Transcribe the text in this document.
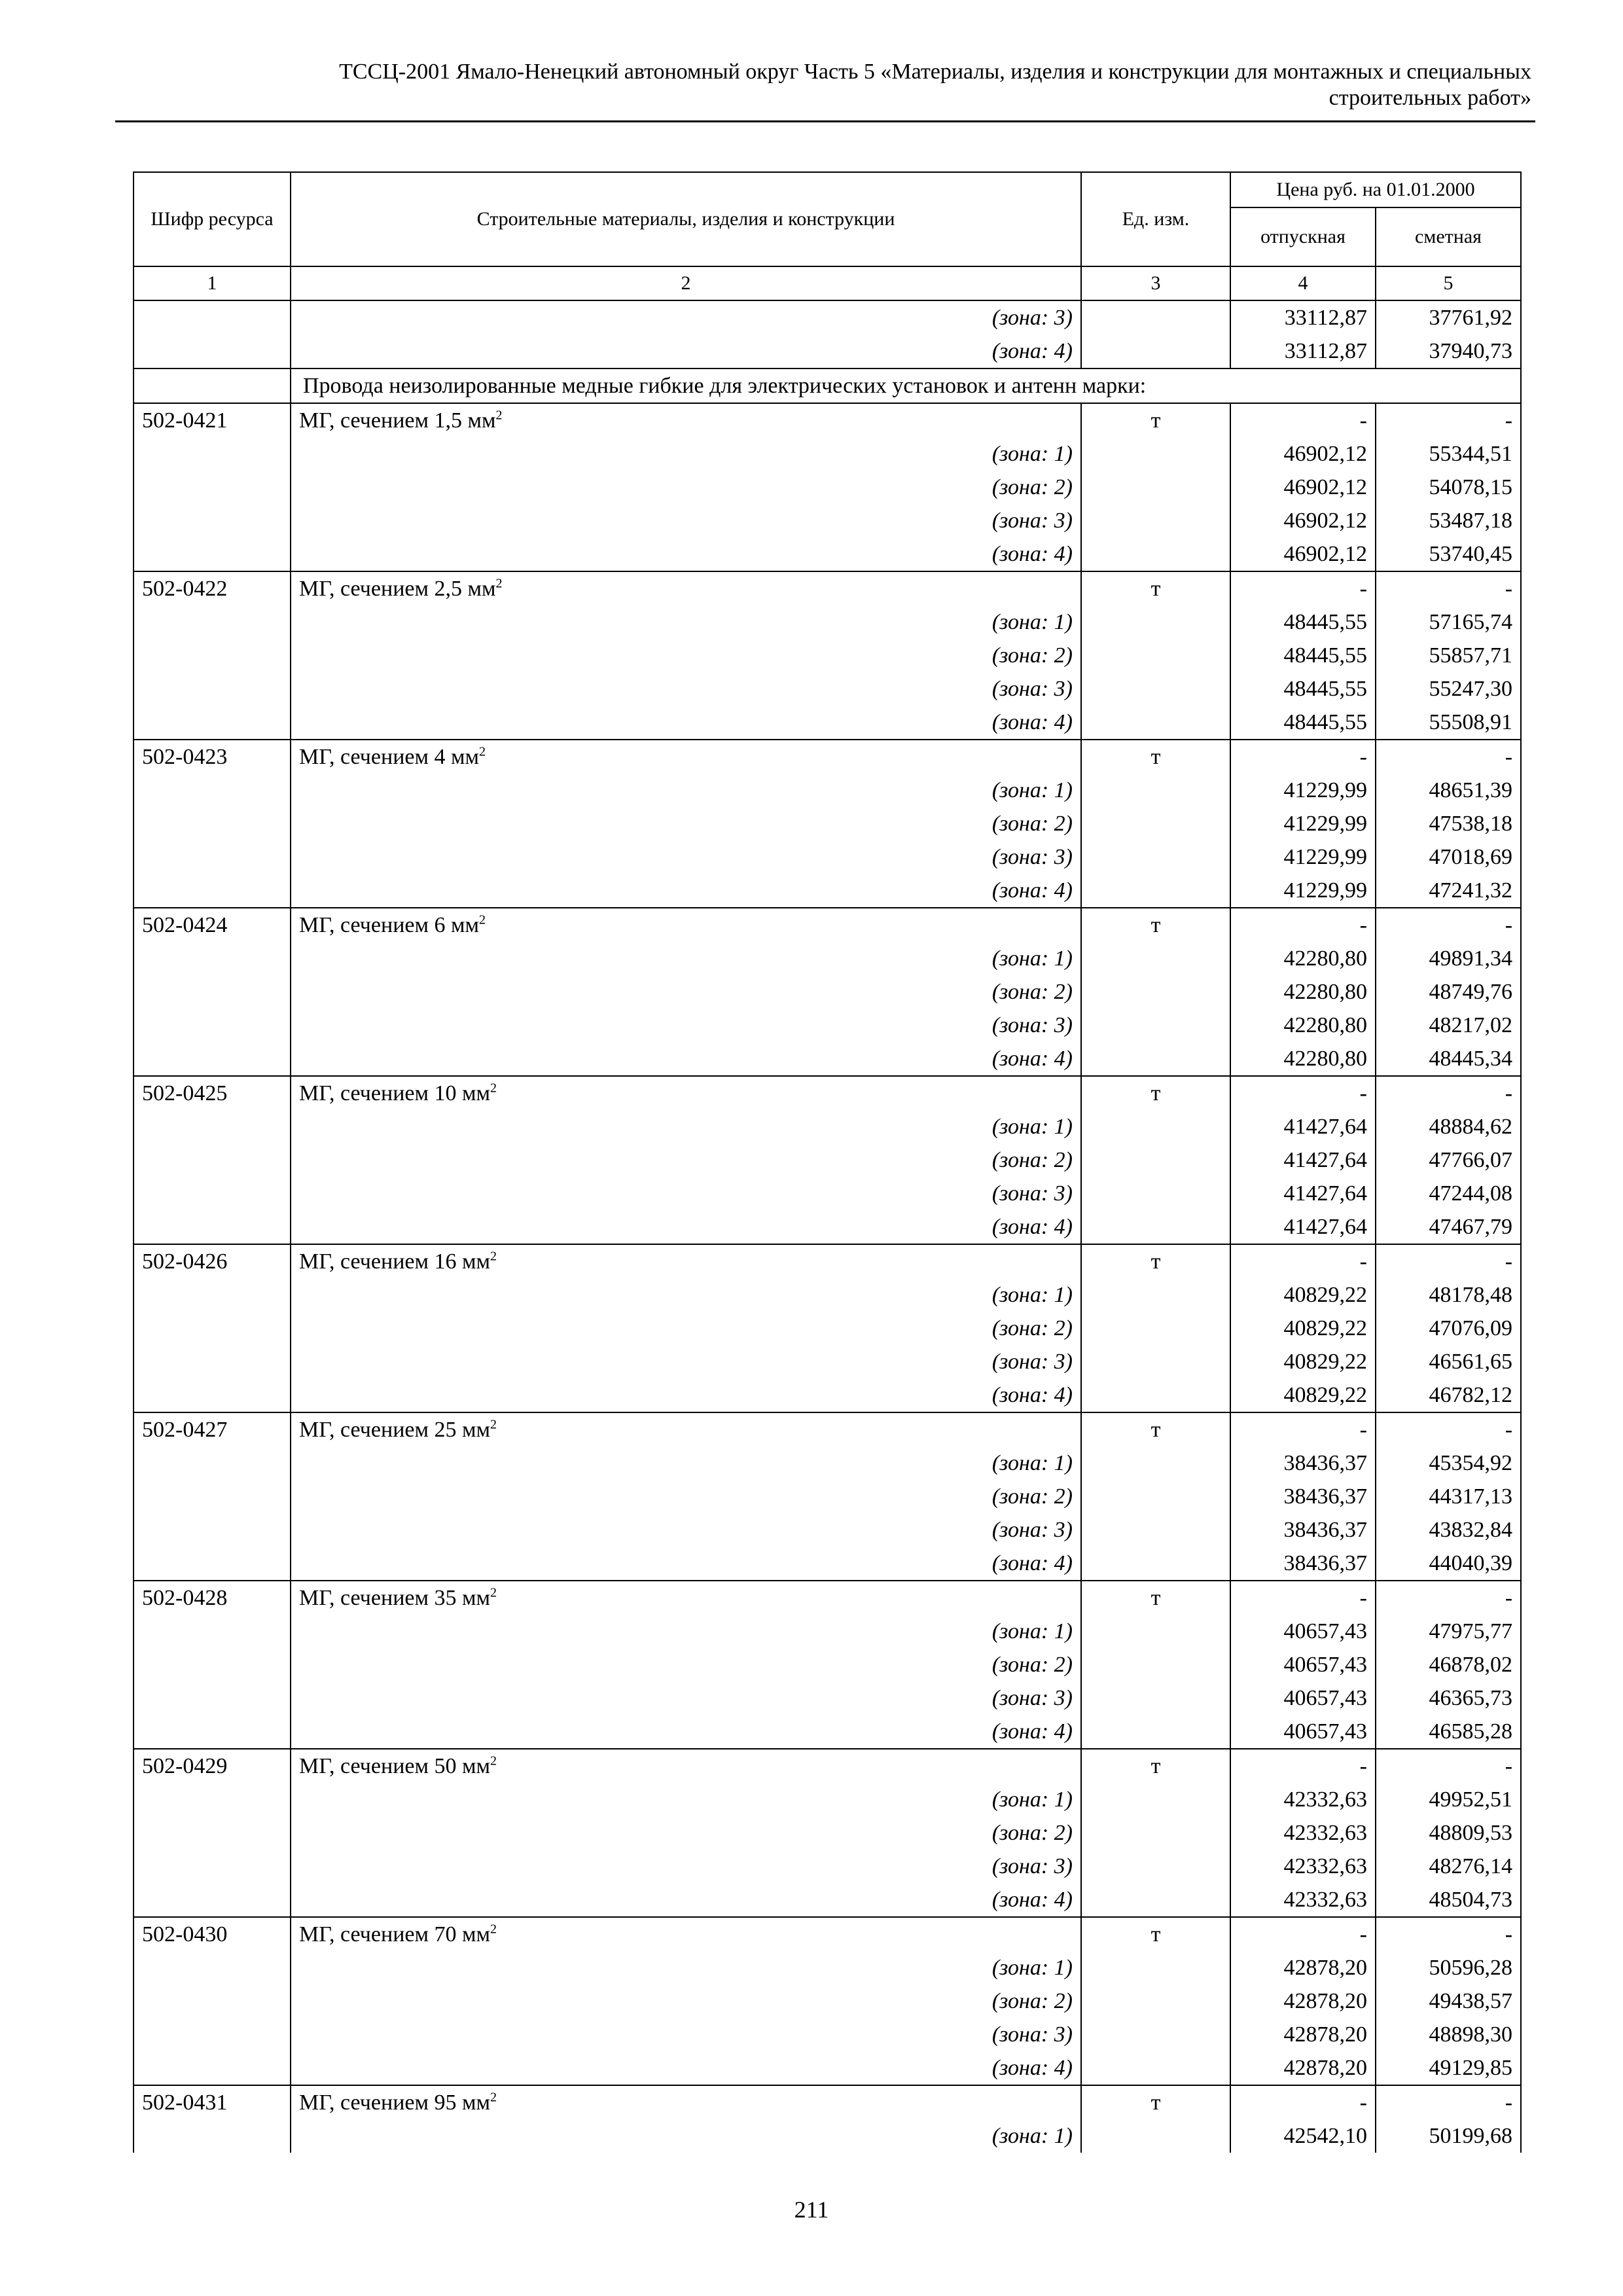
ТССЦ-2001 Ямало-Ненецкий автономный округ Часть 5 «Материалы, изделия и конструкции для монтажных и специальных
строительных работ»
Шифр ресурса	Строительные материалы, изделия и конструкции	Ед. изм.	Цена руб. на 01.01.2000	
			отпускная	сметная
1	2	3	4	5
	(зона: 3)		33112,87	37761,92
	(зона: 4)		33112,87	37940,73
	Провода неизолированные медные гибкие для электрических установок и антенн марки:			
502-0421	МГ, сечением 1,5 $мм^2$	т	-	-
	(зона: 1)		46902,12	55344,51
	(зона: 2)		46902,12	54078,15
	(зона: 3)		46902,12	53487,18
	(зона: 4)		46902,12	53740,45
502-0422	МГ, сечением 2,5 $мм^2$	т	-	-
	(зона: 1)		48445,55	57165,74
	(зона: 2)		48445,55	55857,71
	(зона: 3)		48445,55	55247,30
	(зона: 4)		48445,55	55508,91
502-0423	МГ, сечением 4 $мм^2$	т	-	-
	(зона: 1)		41229,99	48651,39
	(зона: 2)		41229,99	47538,18
	(зона: 3)		41229,99	47018,69
	(зона: 4)		41229,99	47241,32
502-0424	МГ, сечением 6 $мм^2$	т	-	-
	(зона: 1)		42280,80	49891,34
	(зона: 2)		42280,80	48749,76
	(зона: 3)		42280,80	48217,02
	(зона: 4)		42280,80	48445,34
502-0425	МГ, сечением 10 $мм^2$	т	-	-
	(зона: 1)		41427,64	48884,62
	(зона: 2)		41427,64	47766,07
	(зона: 3)		41427,64	47244,08
	(зона: 4)		41427,64	47467,79
502-0426	МГ, сечением 16 $мм^2$	т	-	-
	(зона: 1)		40829,22	48178,48
	(зона: 2)		40829,22	47076,09
	(зона: 3)		40829,22	46561,65
	(зона: 4)		40829,22	46782,12
502-0427	МГ, сечением 25 $мм^2$	т	-	-
	(зона: 1)		38436,37	45354,92
	(зона: 2)		38436,37	44317,13
	(зона: 3)		38436,37	43832,84
	(зона: 4)		38436,37	44040,39
502-0428	МГ, сечением 35 $мм^2$	т	-	-
	(зона: 1)		40657,43	47975,77
	(зона: 2)		40657,43	46878,02
	(зона: 3)		40657,43	46365,73
	(зона: 4)		40657,43	46585,28
502-0429	МГ, сечением 50 $мм^2$	т	-	-
	(зона: 1)		42332,63	49952,51
	(зона: 2)		42332,63	48809,53
	(зона: 3)		42332,63	48276,14
	(зона: 4)		42332,63	48504,73
502-0430	МГ, сечением 70 $мм^2$	т	-	-
	(зона: 1)		42878,20	50596,28
	(зона: 2)		42878,20	49438,57
	(зона: 3)		42878,20	48898,30
	(зона: 4)		42878,20	49129,85
502-0431	МГ, сечением 95 $мм^2$	т	-	-
	(зона: 1)		42542,10	50199,68
211
